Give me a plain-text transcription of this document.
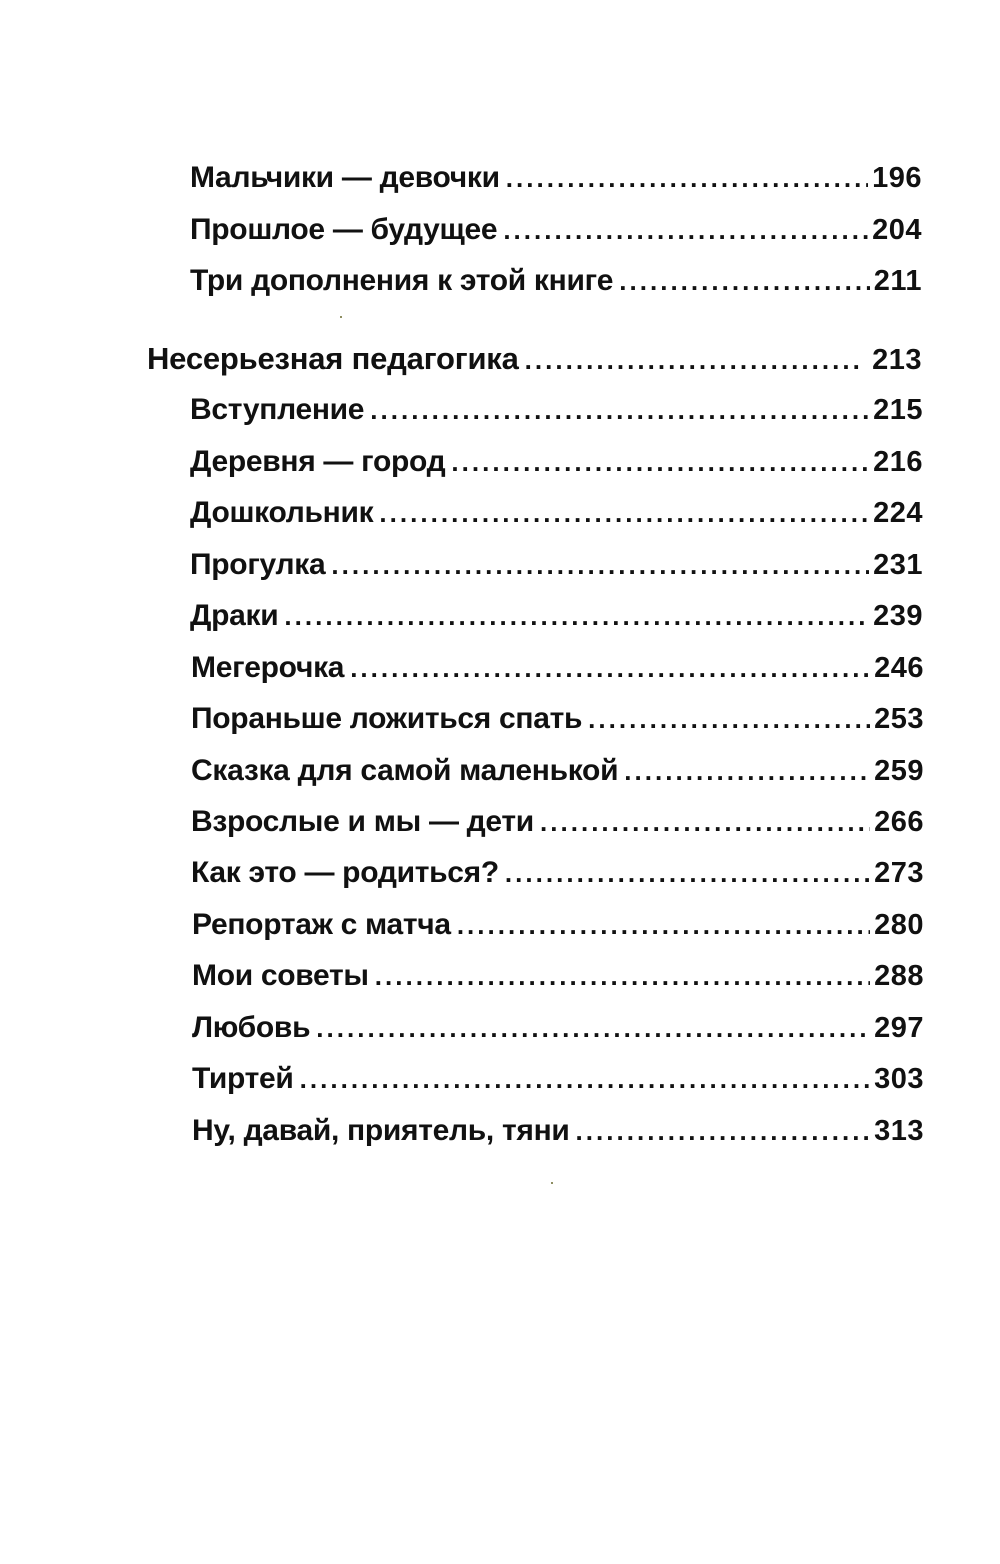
Мальчики — девочки . . .	196
Прошлое — будущее . . .	204
Три дополнения к этой книге . . .	211
Несерьезная педагогика . . .	213
Вступление . . .	215
Деревня — город . . .	216
Дошкольник . . .	224
Прогулка . . .	231
Драки . . .	239
Мегерочка . . .	246
Пораньше ложиться спать . . .	253
Сказка для самой маленькой . . .	259
Взрослые и мы — дети . . .	266
Как это — родиться? . . .	273
Репортаж с матча . . .	280
Мои советы . . .	288
Любовь . . .	297
Тиртей . . .	303
Ну, давай, приятель, тяни . . .	313
